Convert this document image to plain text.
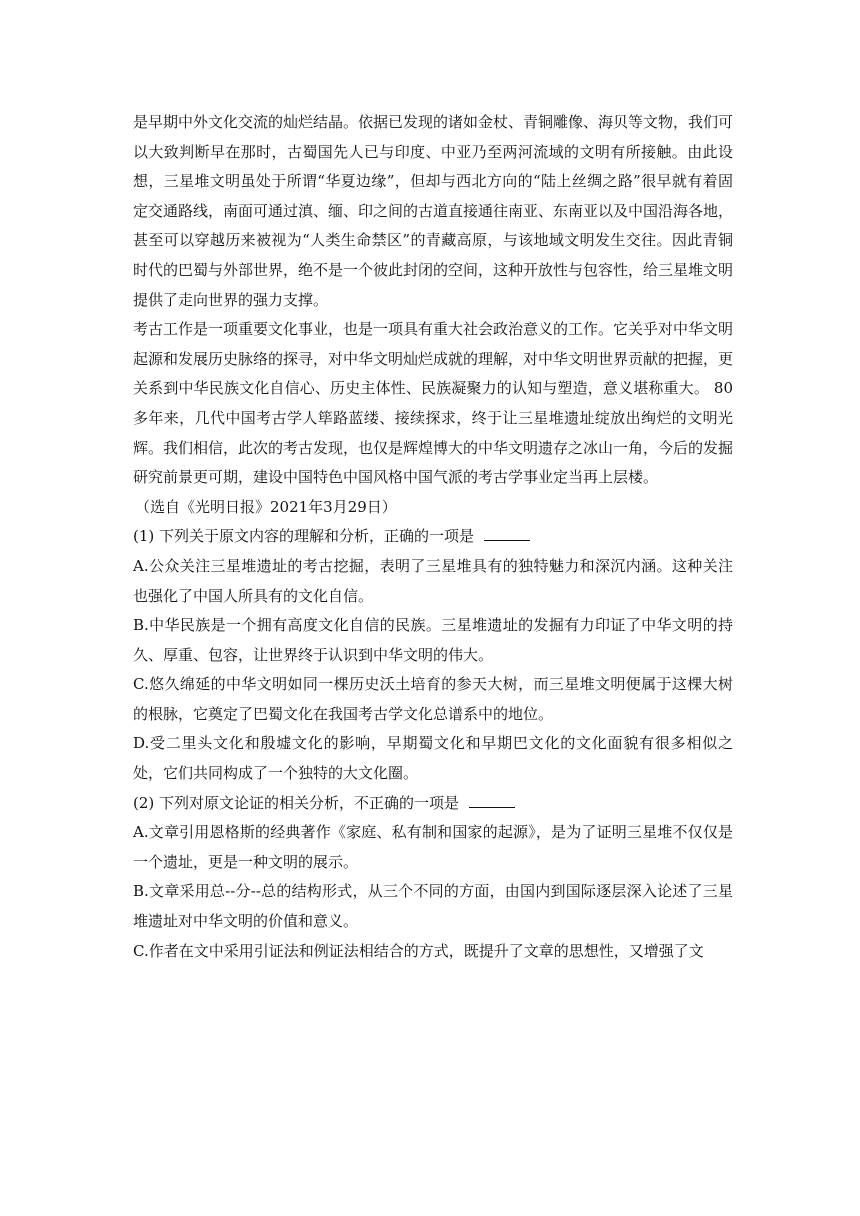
是早期中外文化交流的灿烂结晶。依据已发现的诸如金杖、青铜雕像、海贝等文物，我们可以大致判断早在那时，古蜀国先人已与印度、中亚乃至两河流域的文明有所接触。由此设想，三星堆文明虽处于所谓“华夏边缘”，但却与西北方向的“陆上丝绸之路”很早就有着固定交通路线，南面可通过滇、缅、印之间的古道直接通往南亚、东南亚以及中国沿海各地，甚至可以穿越历来被视为“人类生命禁区”的青藏高原，与该地域文明发生交往。因此青铜时代的巴蜀与外部世界，绝不是一个彼此封闭的空间，这种开放性与包容性，给三星堆文明提供了走向世界的强力支撑。

考古工作是一项重要文化事业，也是一项具有重大社会政治意义的工作。它关乎对中华文明起源和发展历史脉络的探寻，对中华文明灿烂成就的理解，对中华文明世界贡献的把握，更关系到中华民族文化自信心、历史主体性、民族凝聚力的认知与塑造，意义堪称重大。 80多年来，几代中国考古学人筚路蓝缕、接续探求，终于让三星堆遗址绽放出绚烂的文明光辉。我们相信，此次的考古发现，也仅是辉煌博大的中华文明遗存之冰山一角，今后的发掘研究前景更可期，建设中国特色中国风格中国气派的考古学事业定当再上层楼。

（选自《光明日报》2021年3月29日）

(1) 下列关于原文内容的理解和分析，正确的一项是

A.公众关注三星堆遗址的考古挖掘，表明了三星堆具有的独特魅力和深沉内涵。这种关注也强化了中国人所具有的文化自信。

B.中华民族是一个拥有高度文化自信的民族。三星堆遗址的发掘有力印证了中华文明的持久、厚重、包容，让世界终于认识到中华文明的伟大。

C.悠久绵延的中华文明如同一棵历史沃土培育的参天大树，而三星堆文明便属于这棵大树的根脉，它奠定了巴蜀文化在我国考古学文化总谱系中的地位。

D.受二里头文化和殷墟文化的影响，早期蜀文化和早期巴文化的文化面貌有很多相似之处，它们共同构成了一个独特的大文化圈。

(2) 下列对原文论证的相关分析，不正确的一项是

A.文章引用恩格斯的经典著作《家庭、私有制和国家的起源》，是为了证明三星堆不仅仅是一个遗址，更是一种文明的展示。

B.文章采用总--分--总的结构形式，从三个不同的方面，由国内到国际逐层深入论述了三星堆遗址对中华文明的价值和意义。

C.作者在文中采用引证法和例证法相结合的方式，既提升了文章的思想性，又增强了文
